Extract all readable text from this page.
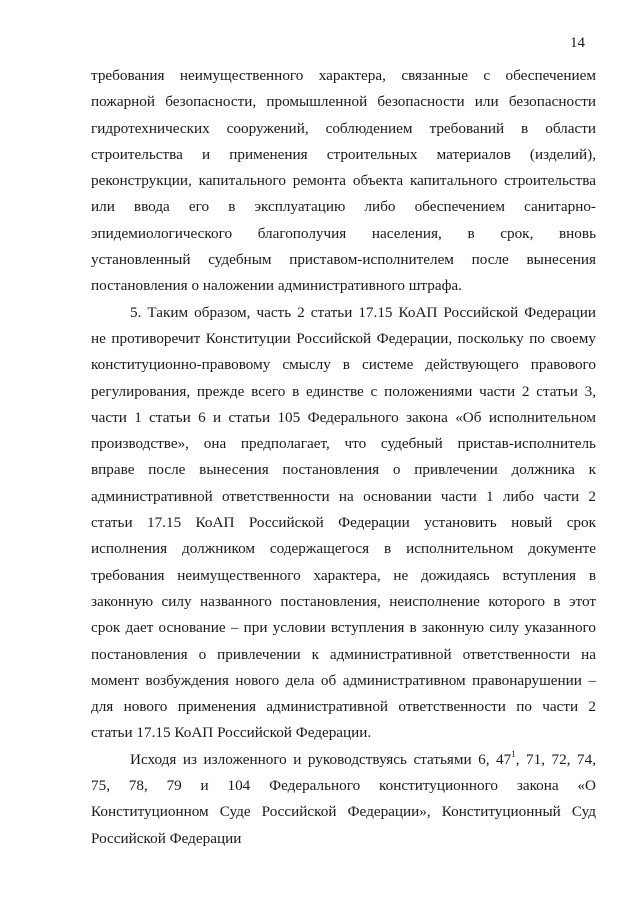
14
требования неимущественного характера, связанные с обеспечением
пожарной безопасности, промышленной безопасности или безопасности
гидротехнических сооружений, соблюдением требований в области
строительства и применения строительных материалов (изделий),
реконструкции, капитального ремонта объекта капитального строительства
или ввода его в эксплуатацию либо обеспечением санитарно-
эпидемиологического благополучия населения, в срок, вновь
установленный судебным приставом-исполнителем после вынесения
постановления о наложении административного штрафа.
5. Таким образом, часть 2 статьи 17.15 КоАП Российской Федерации
не противоречит Конституции Российской Федерации, поскольку по своему
конституционно-правовому смыслу в системе действующего правового
регулирования, прежде всего в единстве с положениями части 2 статьи 3,
части 1 статьи 6 и статьи 105 Федерального закона «Об исполнительном
производстве», она предполагает, что судебный пристав-исполнитель
вправе после вынесения постановления о привлечении должника к
административной ответственности на основании части 1 либо части 2
статьи 17.15 КоАП Российской Федерации установить новый срок
исполнения должником содержащегося в исполнительном документе
требования неимущественного характера, не дожидаясь вступления в
законную силу названного постановления, неисполнение которого в этот
срок дает основание – при условии вступления в законную силу указанного
постановления о привлечении к административной ответственности на
момент возбуждения нового дела об административном правонарушении –
для нового применения административной ответственности по части 2
статьи 17.15 КоАП Российской Федерации.
Исходя из изложенного и руководствуясь статьями 6, $47^1$, 71, 72, 74,
75, 78, 79 и 104 Федерального конституционного закона «О
Конституционном Суде Российской Федерации», Конституционный Суд
Российской Федерации
